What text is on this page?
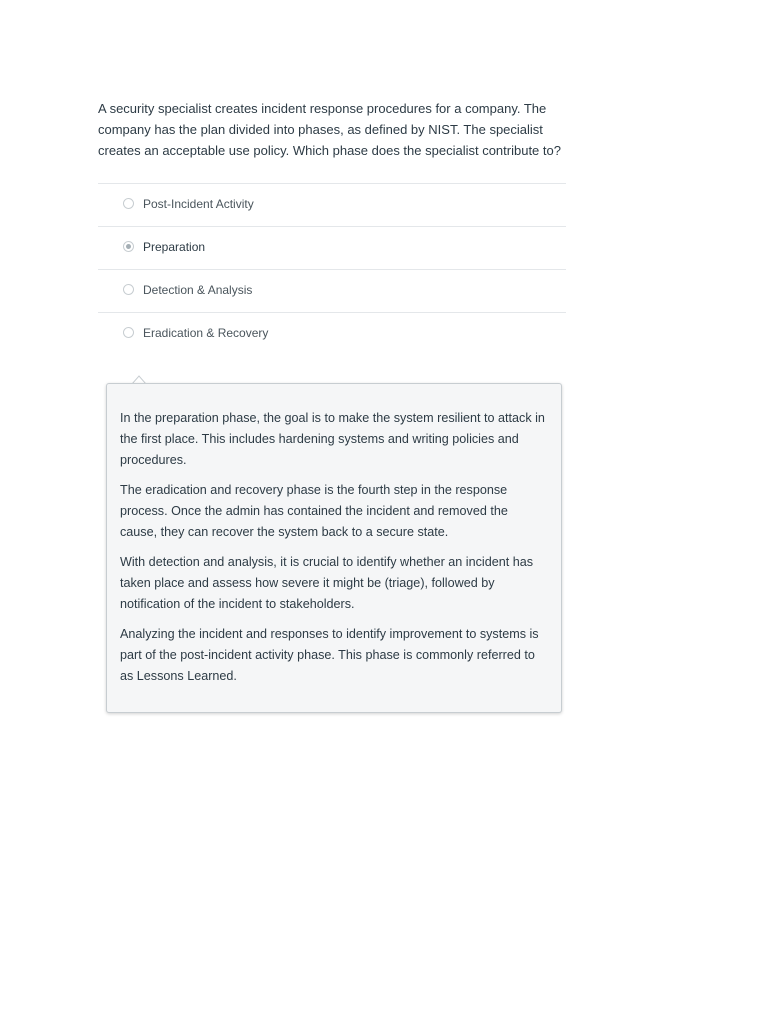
A security specialist creates incident response procedures for a company. The company has the plan divided into phases, as defined by NIST. The specialist creates an acceptable use policy. Which phase does the specialist contribute to?
Post-Incident Activity
Preparation
Detection & Analysis
Eradication & Recovery

In the preparation phase, the goal is to make the system resilient to attack in the first place. This includes hardening systems and writing policies and procedures.

The eradication and recovery phase is the fourth step in the response process. Once the admin has contained the incident and removed the cause, they can recover the system back to a secure state.

With detection and analysis, it is crucial to identify whether an incident has taken place and assess how severe it might be (triage), followed by notification of the incident to stakeholders.

Analyzing the incident and responses to identify improvement to systems is part of the post-incident activity phase. This phase is commonly referred to as Lessons Learned.
